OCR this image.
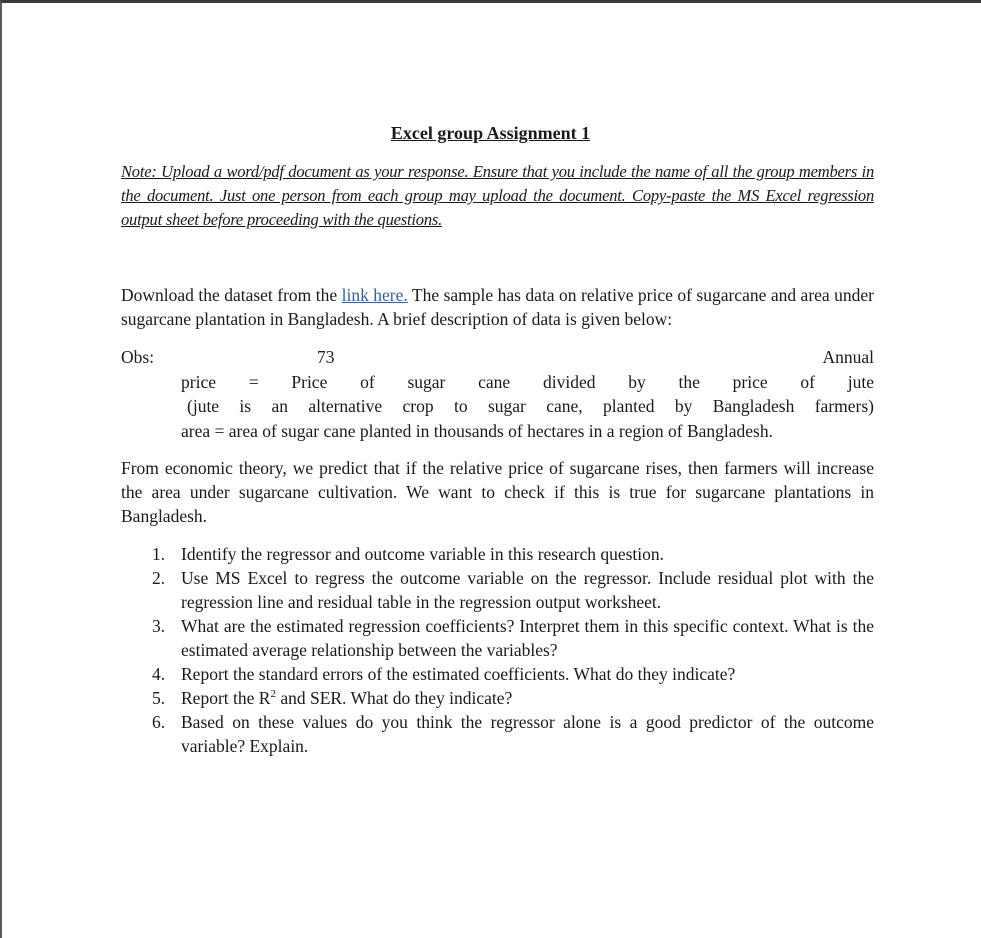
Excel group Assignment 1
Note: Upload a word/pdf document as your response. Ensure that you include the name of all the group members in the document. Just one person from each group may upload the document. Copy-paste the MS Excel regression output sheet before proceeding with the questions.
Download the dataset from the link here. The sample has data on relative price of sugarcane and area under sugarcane plantation in Bangladesh. A brief description of data is given below:
Obs:	73	Annual
price = Price of sugar cane divided by the price of jute
(jute is an alternative crop to sugar cane, planted by Bangladesh farmers)
area = area of sugar cane planted in thousands of hectares in a region of Bangladesh.
From economic theory, we predict that if the relative price of sugarcane rises, then farmers will increase the area under sugarcane cultivation. We want to check if this is true for sugarcane plantations in Bangladesh.
1. Identify the regressor and outcome variable in this research question.
2. Use MS Excel to regress the outcome variable on the regressor. Include residual plot with the regression line and residual table in the regression output worksheet.
3. What are the estimated regression coefficients? Interpret them in this specific context. What is the estimated average relationship between the variables?
4. Report the standard errors of the estimated coefficients. What do they indicate?
5. Report the $R^2$ and SER. What do they indicate?
6. Based on these values do you think the regressor alone is a good predictor of the outcome variable? Explain.
